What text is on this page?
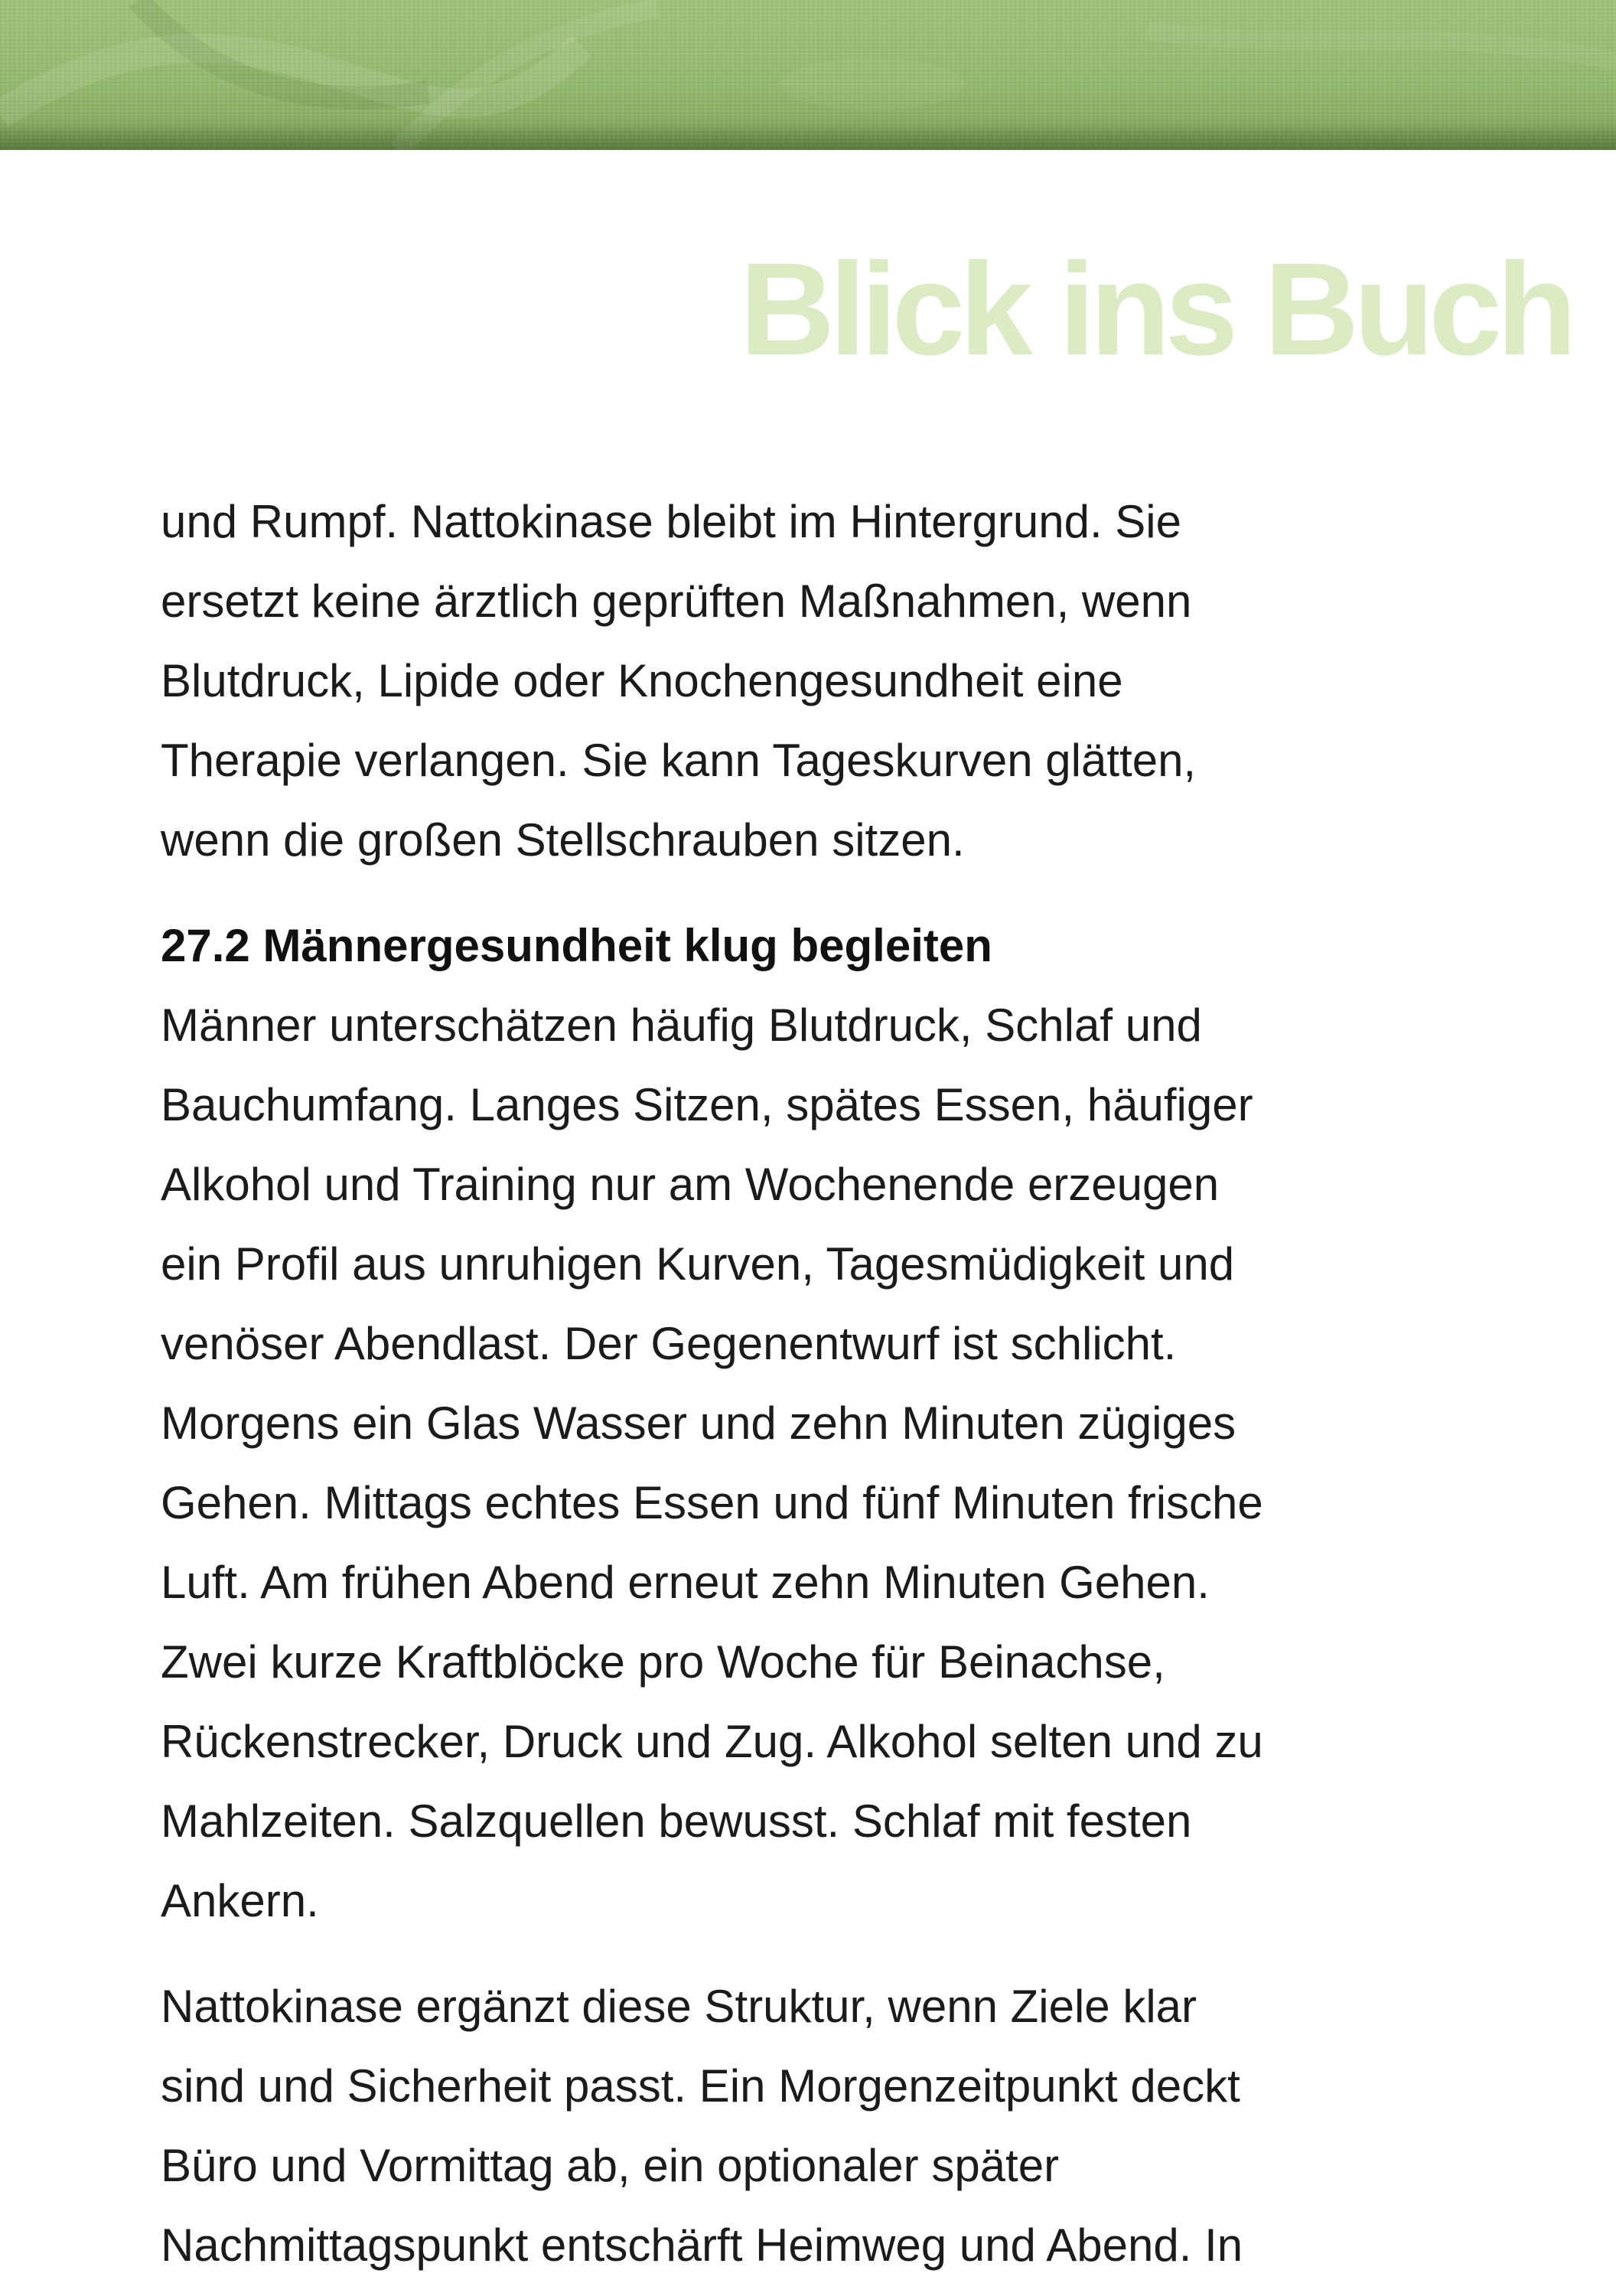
Blick ins Buch

und Rumpf. Nattokinase bleibt im Hintergrund. Sie
ersetzt keine ärztlich geprüften Maßnahmen, wenn
Blutdruck, Lipide oder Knochengesundheit eine
Therapie verlangen. Sie kann Tageskurven glätten,
wenn die großen Stellschrauben sitzen.

27.2 Männergesundheit klug begleiten

Männer unterschätzen häufig Blutdruck, Schlaf und
Bauchumfang. Langes Sitzen, spätes Essen, häufiger
Alkohol und Training nur am Wochenende erzeugen
ein Profil aus unruhigen Kurven, Tagesmüdigkeit und
venöser Abendlast. Der Gegenentwurf ist schlicht.
Morgens ein Glas Wasser und zehn Minuten zügiges
Gehen. Mittags echtes Essen und fünf Minuten frische
Luft. Am frühen Abend erneut zehn Minuten Gehen.
Zwei kurze Kraftblöcke pro Woche für Beinachse,
Rückenstrecker, Druck und Zug. Alkohol selten und zu
Mahlzeiten. Salzquellen bewusst. Schlaf mit festen
Ankern.

Nattokinase ergänzt diese Struktur, wenn Ziele klar
sind und Sicherheit passt. Ein Morgenzeitpunkt deckt
Büro und Vormittag ab, ein optionaler später
Nachmittagspunkt entschärft Heimweg und Abend. In
